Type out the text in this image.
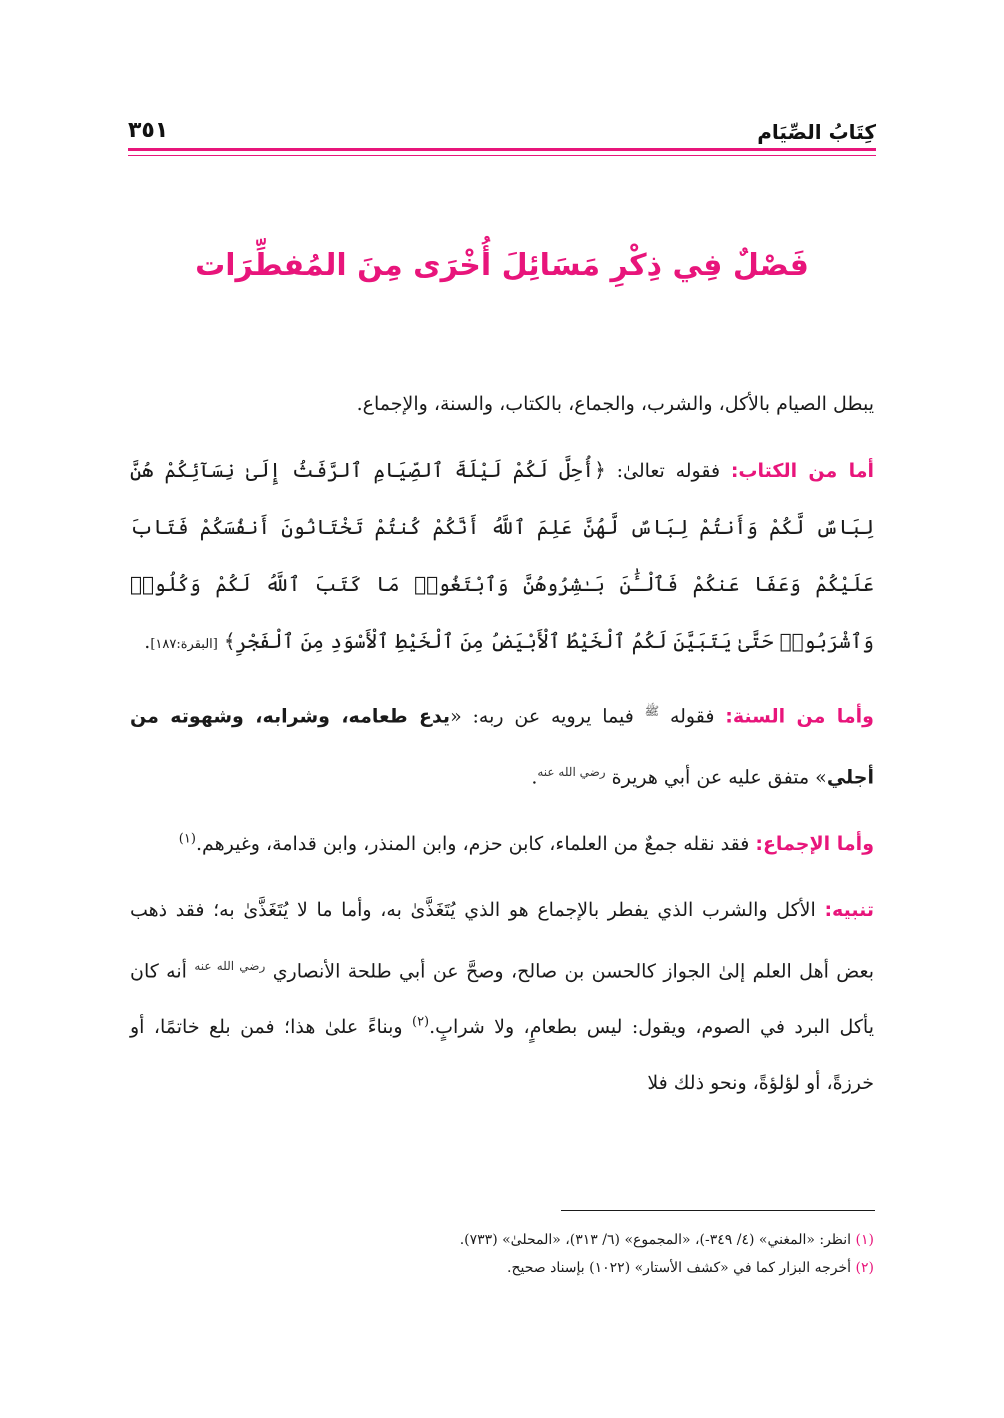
كِتَابُ الصِّيَام
٣٥١
فَصْلٌ فِي ذِكْرِ مَسَائِلَ أُخْرَى مِنَ المُفطِّرَات

يبطل الصيام بالأكل، والشرب، والجماع، بالكتاب، والسنة، والإجماع.

أما من الكتاب: فقوله تعالىٰ: ﴿أُحِلَّ لَكُمْ لَيْلَةَ ٱلصِّيَامِ ٱلرَّفَثُ إِلَىٰ نِسَآئِكُمْ هُنَّ لِبَاسٌ لَّكُمْ وَأَنتُمْ لِبَاسٌ لَّهُنَّ عَلِمَ ٱللَّهُ أَنَّكُمْ كُنتُمْ تَخْتَانُونَ أَنفُسَكُمْ فَتَابَ عَلَيْكُمْ وَعَفَا عَنكُمْ فَٱلْـَٰٔنَ بَـٰشِرُوهُنَّ وَٱبْتَغُوا۟ مَا كَتَبَ ٱللَّهُ لَكُمْ وَكُلُوا۟ وَٱشْرَبُوا۟ حَتَّىٰ يَتَبَيَّنَ لَكُمُ ٱلْخَيْطُ ٱلْأَبْيَضُ مِنَ ٱلْخَيْطِ ٱلْأَسْوَدِ مِنَ ٱلْفَجْرِ﴾ [البقرة:١٨٧].

وأما من السنة: فقوله $^ﷺ$ فيما يرويه عن ربه: «يدع طعامه، وشرابه، وشهوته من أجلي» متفق عليه عن أبي هريرة $^{رضي الله عنه}$.

وأما الإجماع: فقد نقله جمعٌ من العلماء، كابن حزم، وابن المنذر، وابن قدامة، وغيرهم.$^{(١)}$

تنبيه: الأكل والشرب الذي يفطر بالإجماع هو الذي يُتَغَذَّىٰ به، وأما ما لا يُتَغَذَّىٰ به؛ فقد ذهب بعض أهل العلم إلىٰ الجواز كالحسن بن صالح، وصحَّ عن أبي طلحة الأنصاري $^{رضي الله عنه}$ أنه كان يأكل البرد في الصوم، ويقول: ليس بطعامٍ، ولا شرابٍ.$^{(٢)}$ وبناءً علىٰ هذا؛ فمن بلع خاتمًا، أو خرزةً، أو لؤلؤةً، ونحو ذلك فلا

(١) انظر: «المغني» (٤/ ٣٤٩-)، «المجموع» (٦/ ٣١٣)، «المحلىٰ» (٧٣٣).

(٢) أخرجه البزار كما في «كشف الأستار» (١٠٢٢) بإسناد صحيح.
